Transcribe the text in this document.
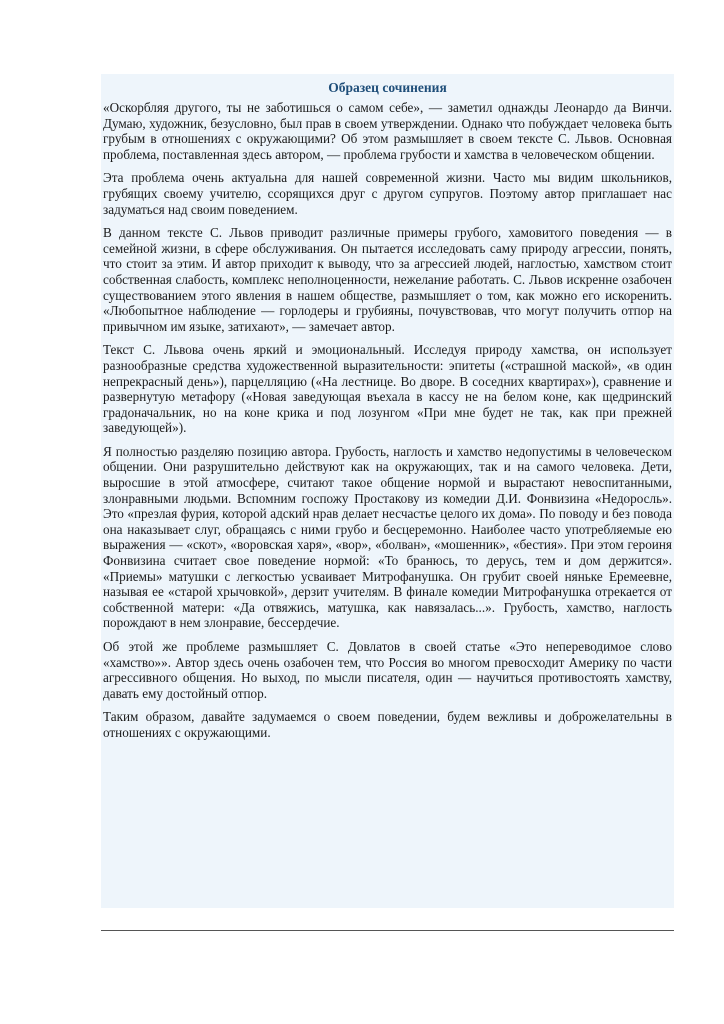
Образец сочинения

«Оскорбляя другого, ты не заботишься о самом себе», — заметил однажды Леонардо да Винчи. Думаю, художник, безусловно, был прав в своем утверждении. Однако что побуждает человека быть грубым в отношениях с окружающими? Об этом размышляет в своем тексте С. Львов. Основная проблема, поставленная здесь автором, — проблема грубости и хамства в человеческом общении.

Эта проблема очень актуальна для нашей современной жизни. Часто мы видим школьников, грубящих своему учителю, ссорящихся друг с другом супругов. Поэтому автор приглашает нас задуматься над своим поведением.

В данном тексте С. Львов приводит различные примеры грубого, хамовитого поведения — в семейной жизни, в сфере обслуживания. Он пытается исследовать саму природу агрессии, понять, что стоит за этим. И автор приходит к выводу, что за агрессией людей, наглостью, хамством стоит собственная слабость, комплекс неполноценности, нежелание работать. С. Львов искренне озабочен существованием этого явления в нашем обществе, размышляет о том, как можно его искоренить. «Любопытное наблюдение — горлодеры и грубияны, почувствовав, что могут получить отпор на привычном им языке, затихают», — замечает автор.

Текст С. Львова очень яркий и эмоциональный. Исследуя природу хамства, он использует разнообразные средства художественной выразительности: эпитеты («страшной маской», «в один непрекрасный день»), парцелляцию («На лестнице. Во дворе. В соседних квартирах»), сравнение и развернутую метафору («Новая заведующая въехала в кассу не на белом коне, как щедринский градоначальник, но на коне крика и под лозунгом «При мне будет не так, как при прежней заведующей»).

Я полностью разделяю позицию автора. Грубость, наглость и хамство недопустимы в человеческом общении. Они разрушительно действуют как на окружающих, так и на самого человека. Дети, выросшие в этой атмосфере, считают такое общение нормой и вырастают невоспитанными, злонравными людьми. Вспомним госпожу Простакову из комедии Д.И. Фонвизина «Недоросль». Это «презлая фурия, которой адский нрав делает несчастье целого их дома». По поводу и без повода она наказывает слуг, обращаясь с ними грубо и бесцеремонно. Наиболее часто употребляемые ею выражения — «скот», «воровская харя», «вор», «болван», «мошенник», «бестия». При этом героиня Фонвизина считает свое поведение нормой: «То бранюсь, то дерусь, тем и дом держится». «Приемы» матушки с легкостью усваивает Митрофанушка. Он грубит своей няньке Еремеевне, называя ее «старой хрычовкой», дерзит учителям. В финале комедии Митрофанушка отрекается от собственной матери: «Да отвяжись, матушка, как навязалась...». Грубость, хамство, наглость порождают в нем злонравие, бессердечие.

Об этой же проблеме размышляет С. Довлатов в своей статье «Это непереводимое слово «хамство»». Автор здесь очень озабочен тем, что Россия во многом превосходит Америку по части агрессивного общения. Но выход, по мысли писателя, один — научиться противостоять хамству, давать ему достойный отпор.

Таким образом, давайте задумаемся о своем поведении, будем вежливы и доброжелательны в отношениях с окружающими.
